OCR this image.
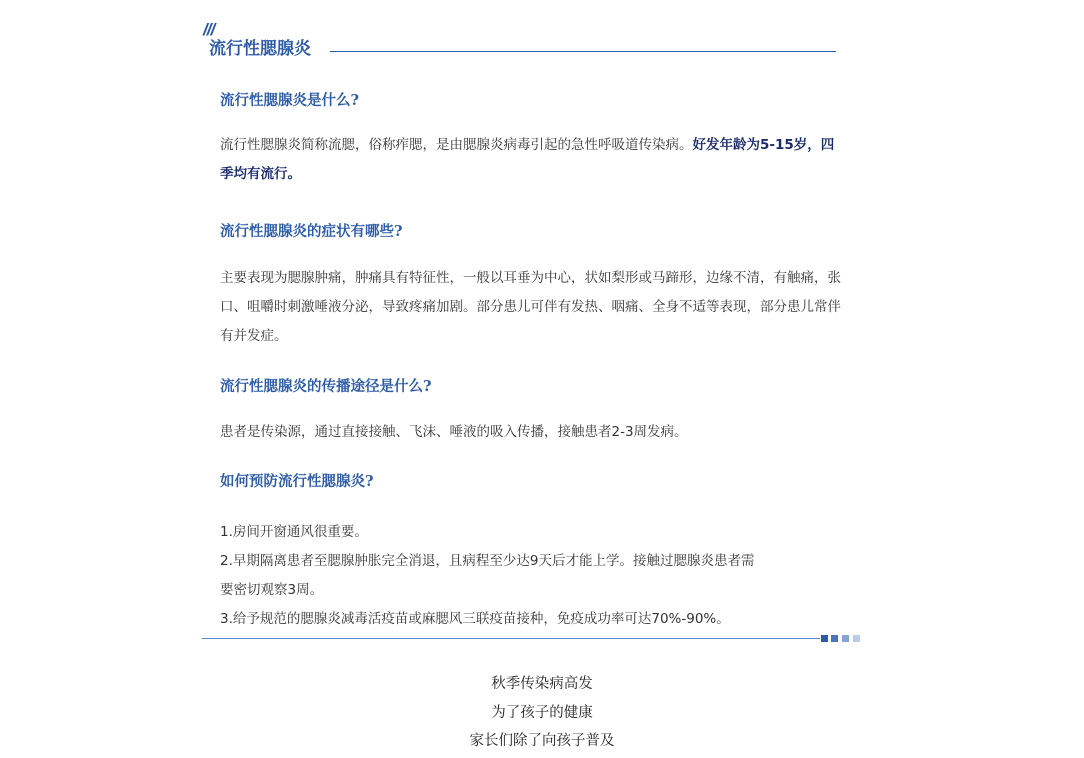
///
流行性腮腺炎
流行性腮腺炎是什么?
流行性腮腺炎简称流腮，俗称痄腮，是由腮腺炎病毒引起的急性呼吸道传染病。好发年龄为5-15岁，四季均有流行。
流行性腮腺炎的症状有哪些?
主要表现为腮腺肿痛，肿痛具有特征性，一般以耳垂为中心，状如梨形或马蹄形，边缘不清，有触痛，张口、咀嚼时刺激唾液分泌，导致疼痛加剧。部分患儿可伴有发热、咽痛、全身不适等表现，部分患儿常伴有并发症。
流行性腮腺炎的传播途径是什么?
患者是传染源，通过直接接触、飞沫、唾液的吸入传播，接触患者2-3周发病。
如何预防流行性腮腺炎?
1.房间开窗通风很重要。
2.早期隔离患者至腮腺肿胀完全消退，且病程至少达9天后才能上学。接触过腮腺炎患者需
要密切观察3周。
3.给予规范的腮腺炎减毒活疫苗或麻腮风三联疫苗接种，免疫成功率可达70%-90%。
秋季传染病高发
为了孩子的健康
家长们除了向孩子普及
